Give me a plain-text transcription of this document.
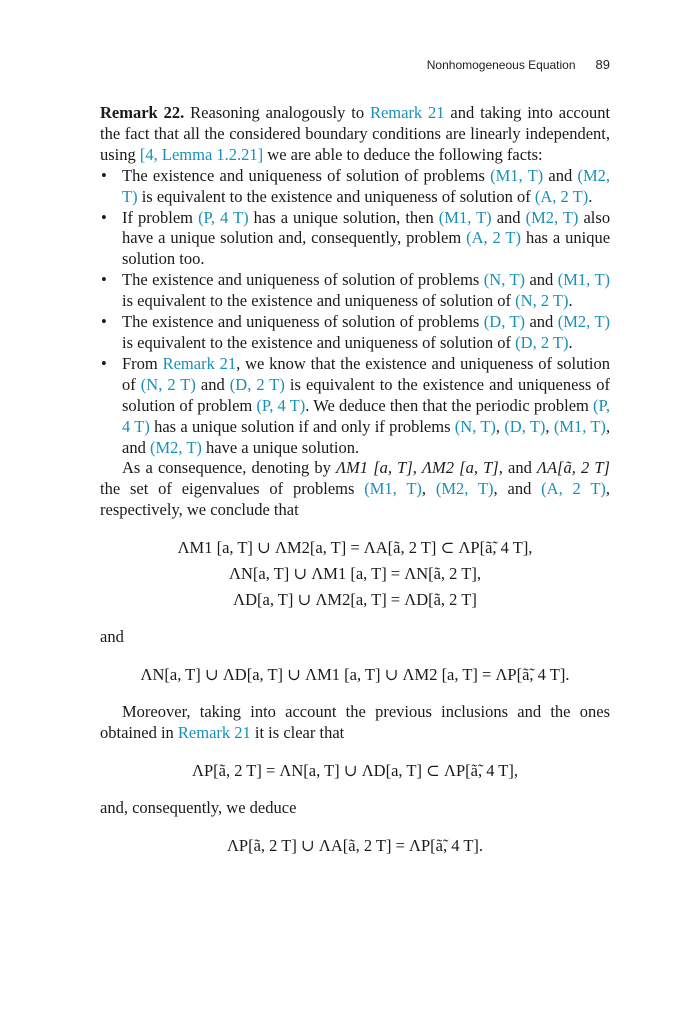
Nonhomogeneous Equation 89

Remark 22. Reasoning analogously to Remark 21 and taking into account the fact that all the considered boundary conditions are linearly independent, using [4, Lemma 1.2.21] we are able to deduce the following facts:

• The existence and uniqueness of solution of problems (M1, T) and (M2, T) is equivalent to the existence and uniqueness of solution of (A, 2 T).
• If problem (P, 4 T) has a unique solution, then (M1, T) and (M2, T) also have a unique solution and, consequently, problem (A, 2 T) has a unique solution too.
• The existence and uniqueness of solution of problems (N, T) and (M1, T) is equivalent to the existence and uniqueness of solution of (N, 2 T).
• The existence and uniqueness of solution of problems (D, T) and (M2, T) is equivalent to the existence and uniqueness of solution of (D, 2 T).
• From Remark 21, we know that the existence and uniqueness of solution of (N, 2 T) and (D, 2 T) is equivalent to the existence and uniqueness of solution of problem (P, 4 T). We deduce then that the periodic problem (P, 4 T) has a unique solution if and only if problems (N, T), (D, T), (M1, T), and (M2, T) have a unique solution.

As a consequence, denoting by ΛM1 [a, T], ΛM2 [a, T], and ΛA[ã, 2 T] the set of eigenvalues of problems (M1, T), (M2, T), and (A, 2 T), respectively, we conclude that

ΛM1 [a, T] ∪ ΛM2[a, T] = ΛA[ã, 2 T] ⊂ ΛP[ã̃, 4 T],

ΛN[a, T] ∪ ΛM1 [a, T] = ΛN[ã, 2 T],

ΛD[a, T] ∪ ΛM2[a, T] = ΛD[ã, 2 T]

and

ΛN[a, T] ∪ ΛD[a, T] ∪ ΛM1 [a, T] ∪ ΛM2 [a, T] = ΛP[ã̃, 4 T].

Moreover, taking into account the previous inclusions and the ones obtained in Remark 21 it is clear that

ΛP[ã, 2 T] = ΛN[a, T] ∪ ΛD[a, T] ⊂ ΛP[ã̃, 4 T],

and, consequently, we deduce

ΛP[ã, 2 T] ∪ ΛA[ã, 2 T] = ΛP[ã̃, 4 T].
